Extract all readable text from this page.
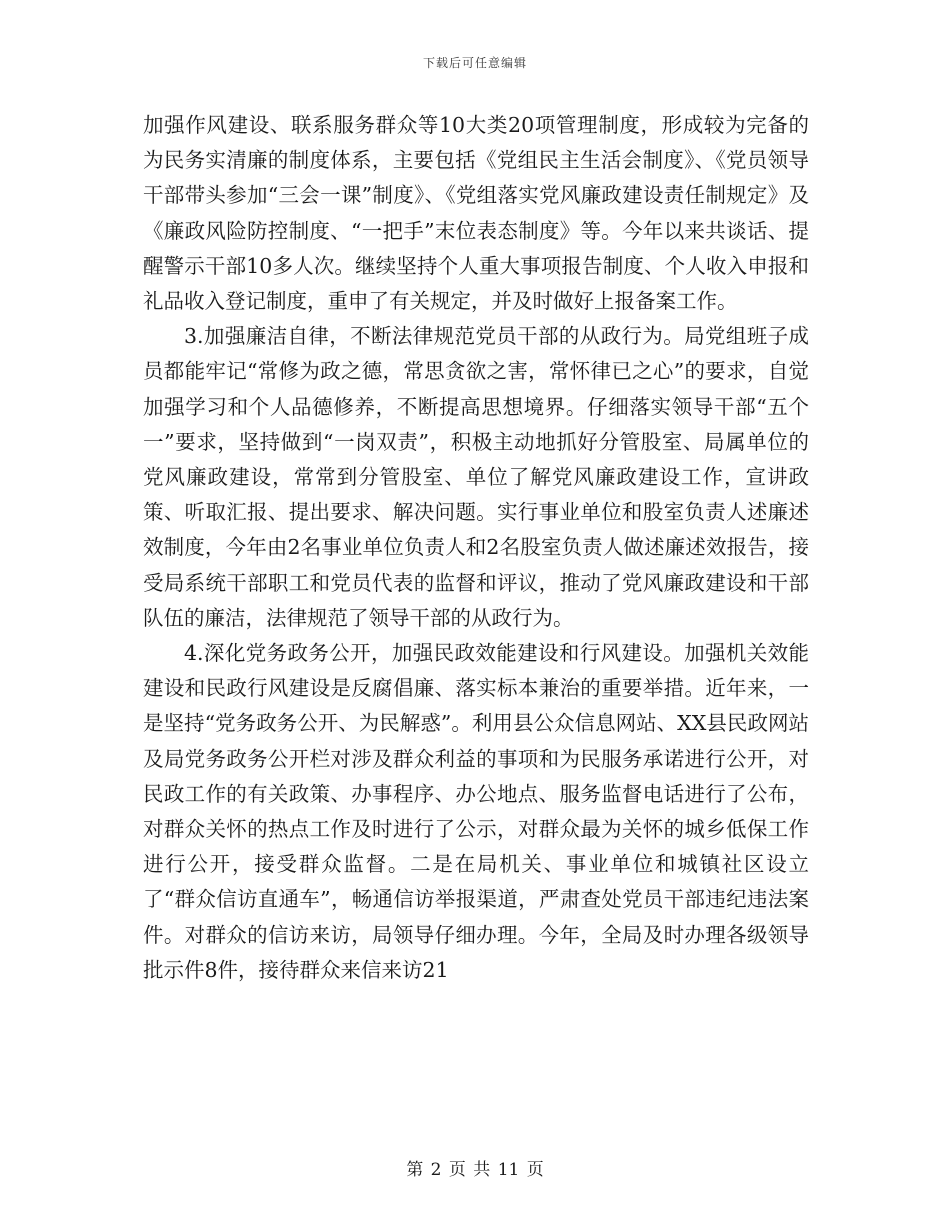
下载后可任意编辑

加强作风建设、联系服务群众等10大类20项管理制度，形成较为完备的为民务实清廉的制度体系，主要包括《党组民主生活会制度》、《党员领导干部带头参加“三会一课”制度》、《党组落实党风廉政建设责任制规定》及《廉政风险防控制度、“一把手”末位表态制度》等。今年以来共谈话、提醒警示干部10多人次。继续坚持个人重大事项报告制度、个人收入申报和礼品收入登记制度，重申了有关规定，并及时做好上报备案工作。

3.加强廉洁自律，不断法律规范党员干部的从政行为。局党组班子成员都能牢记“常修为政之德，常思贪欲之害，常怀律已之心”的要求，自觉加强学习和个人品德修养，不断提高思想境界。仔细落实领导干部“五个一”要求，坚持做到“一岗双责”，积极主动地抓好分管股室、局属单位的党风廉政建设，常常到分管股室、单位了解党风廉政建设工作，宣讲政策、听取汇报、提出要求、解决问题。实行事业单位和股室负责人述廉述效制度，今年由2名事业单位负责人和2名股室负责人做述廉述效报告，接受局系统干部职工和党员代表的监督和评议，推动了党风廉政建设和干部队伍的廉洁，法律规范了领导干部的从政行为。

4.深化党务政务公开，加强民政效能建设和行风建设。加强机关效能建设和民政行风建设是反腐倡廉、落实标本兼治的重要举措。近年来，一是坚持“党务政务公开、为民解惑”。利用县公众信息网站、XX县民政网站及局党务政务公开栏对涉及群众利益的事项和为民服务承诺进行公开，对民政工作的有关政策、办事程序、办公地点、服务监督电话进行了公布，对群众关怀的热点工作及时进行了公示，对群众最为关怀的城乡低保工作进行公开，接受群众监督。二是在局机关、事业单位和城镇社区设立了“群众信访直通车”，畅通信访举报渠道，严肃查处党员干部违纪违法案件。对群众的信访来访，局领导仔细办理。今年，全局及时办理各级领导批示件8件，接待群众来信来访21

第 2 页 共 11 页
